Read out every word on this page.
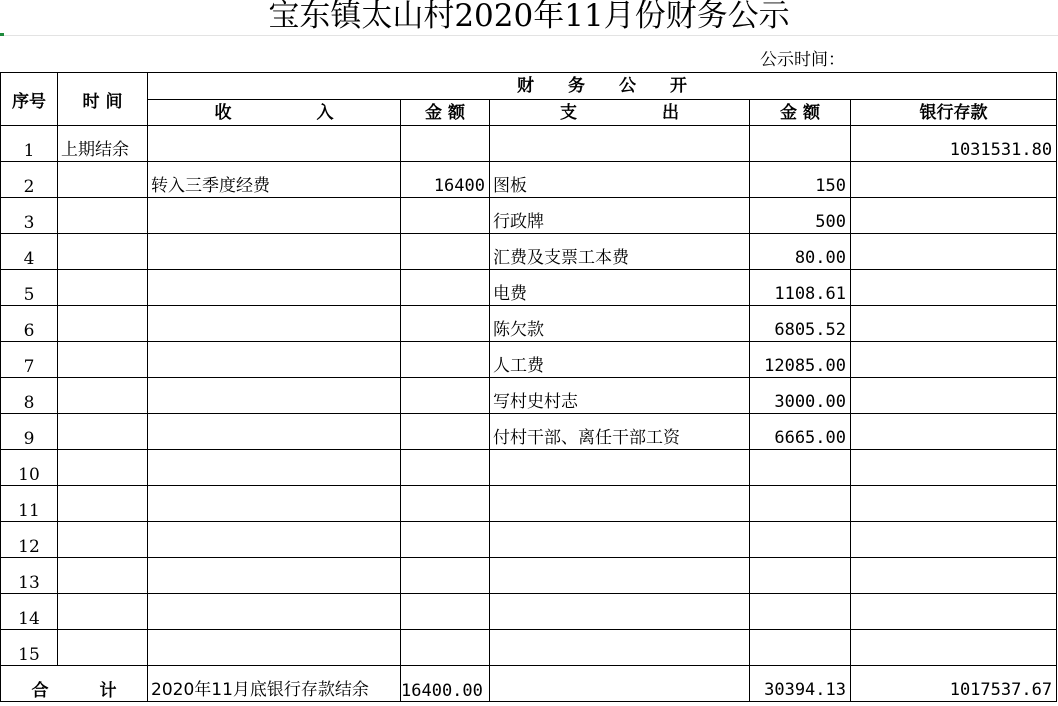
宝东镇太山村2020年11月份财务公示
公示时间：
序号	时 间	财　　务　　公　　开				
		收　　　　　入	金 额	支　　　　　出	金 额	银行存款
1	上期结余					1031531.80
2		转入三季度经费	16400	图板	150	
3				行政牌	500	
4				汇费及支票工本费	80.00	
5				电费	1108.61	
6				陈欠款	6805.52	
7				人工费	12085.00	
8				写村史村志	3000.00	
9				付村干部、离任干部工资	6665.00	
10						
11						
12						
13						
14						
15						
合　　　计		2020年11月底银行存款结余	16400.00		30394.13	1017537.67
